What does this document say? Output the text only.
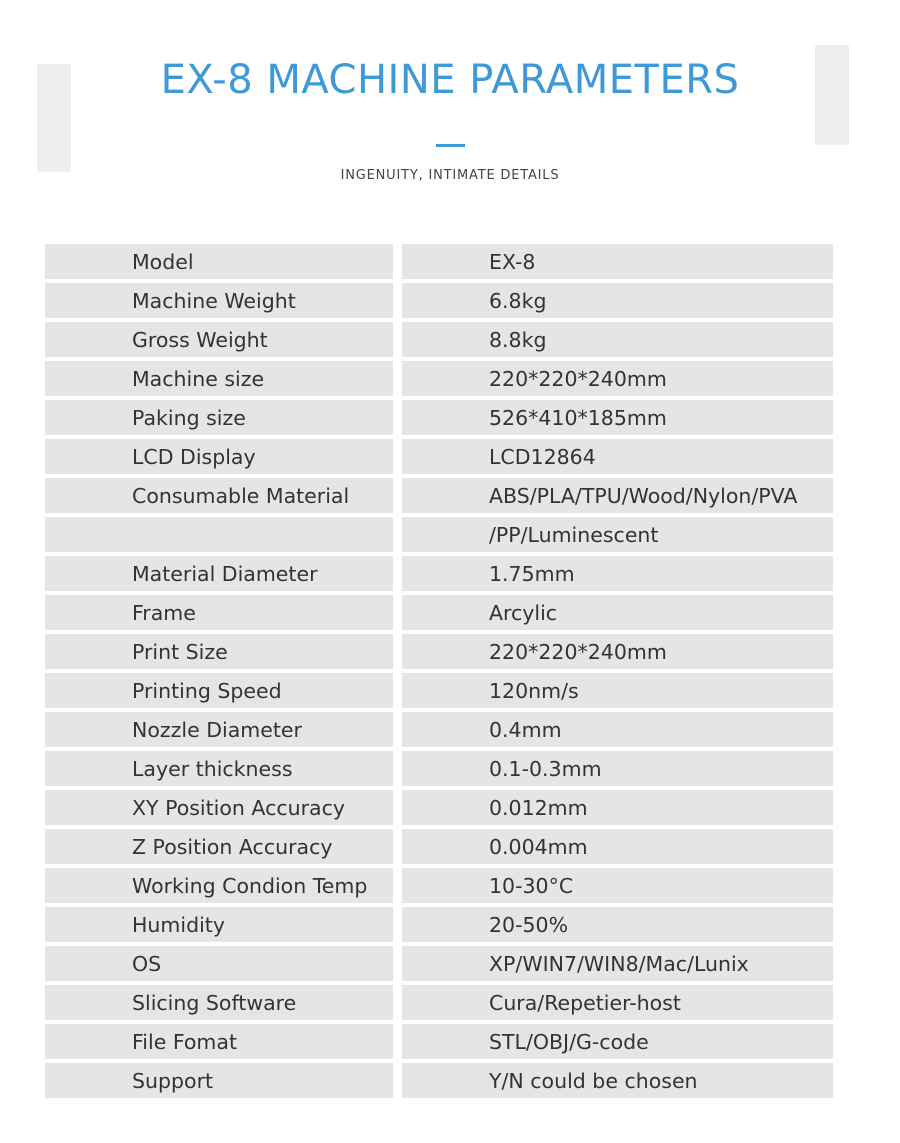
EX-8 MACHINE PARAMETERS
INGENUITY, INTIMATE DETAILS
Model	EX-8
Machine Weight	6.8kg
Gross Weight	8.8kg
Machine size	220*220*240mm
Paking size	526*410*185mm
LCD Display	LCD12864
Consumable Material	ABS/PLA/TPU/Wood/Nylon/PVA
/PP/Luminescent
Material Diameter	1.75mm
Frame	Arcylic
Print Size	220*220*240mm
Printing Speed	120nm/s
Nozzle Diameter	0.4mm
Layer thickness	0.1-0.3mm
XY Position Accuracy	0.012mm
Z Position Accuracy	0.004mm
Working Condion Temp	10-30°C
Humidity	20-50%
OS	XP/WIN7/WIN8/Mac/Lunix
Slicing Software	Cura/Repetier-host
File Fomat	STL/OBJ/G-code
Support	Y/N could be chosen
